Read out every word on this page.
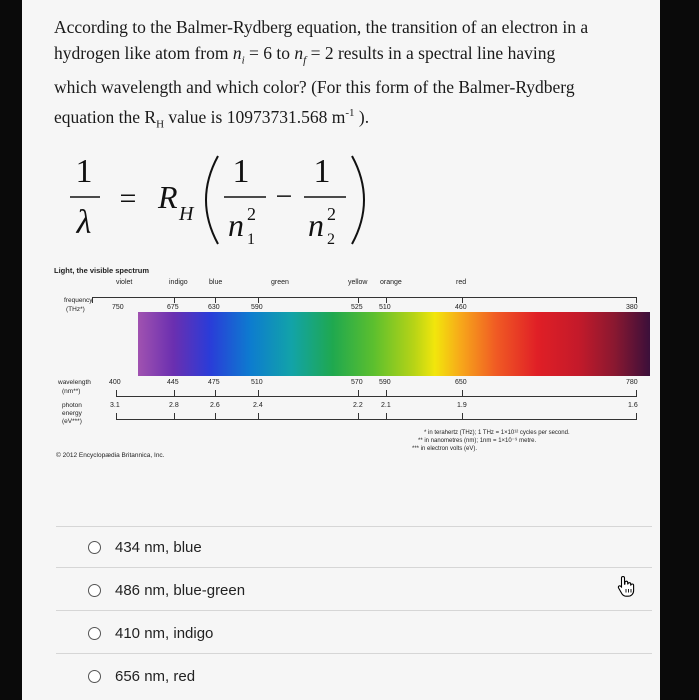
According to the Balmer-Rydberg equation, the transition of an electron in a
hydrogen like atom from $n_i = 6$ to $n_f = 2$ results in a spectral line having
which wavelength and which color? (For this form of the Balmer-Rydberg
equation the $R_H$ value is 10973731.568 $m^{-1}$ ).
1
λ
= R H
1
n 2
1
−
1
n 2
2
Light, the visible spectrum
violet	indigo	blue	green	yellow orange	red
frequency
(THz*)	750	675	630	590	525 510	460	380
wavelength
(nm**)
400	445	475	510	570 590	650	780
photon
energy
(eV***)
3.1	2.8	2.6	2.4	2.2	2.1	1.9	1.6
* in terahertz (THz); 1 THz = 1×10¹² cycles per second.
** in nanometres (nm); 1nm = 1×10⁻⁹ metre.
*** in electron volts (eV).
© 2012 Encyclopædia Britannica, Inc.
434 nm, blue
486 nm, blue-green
410 nm, indigo
656 nm, red
